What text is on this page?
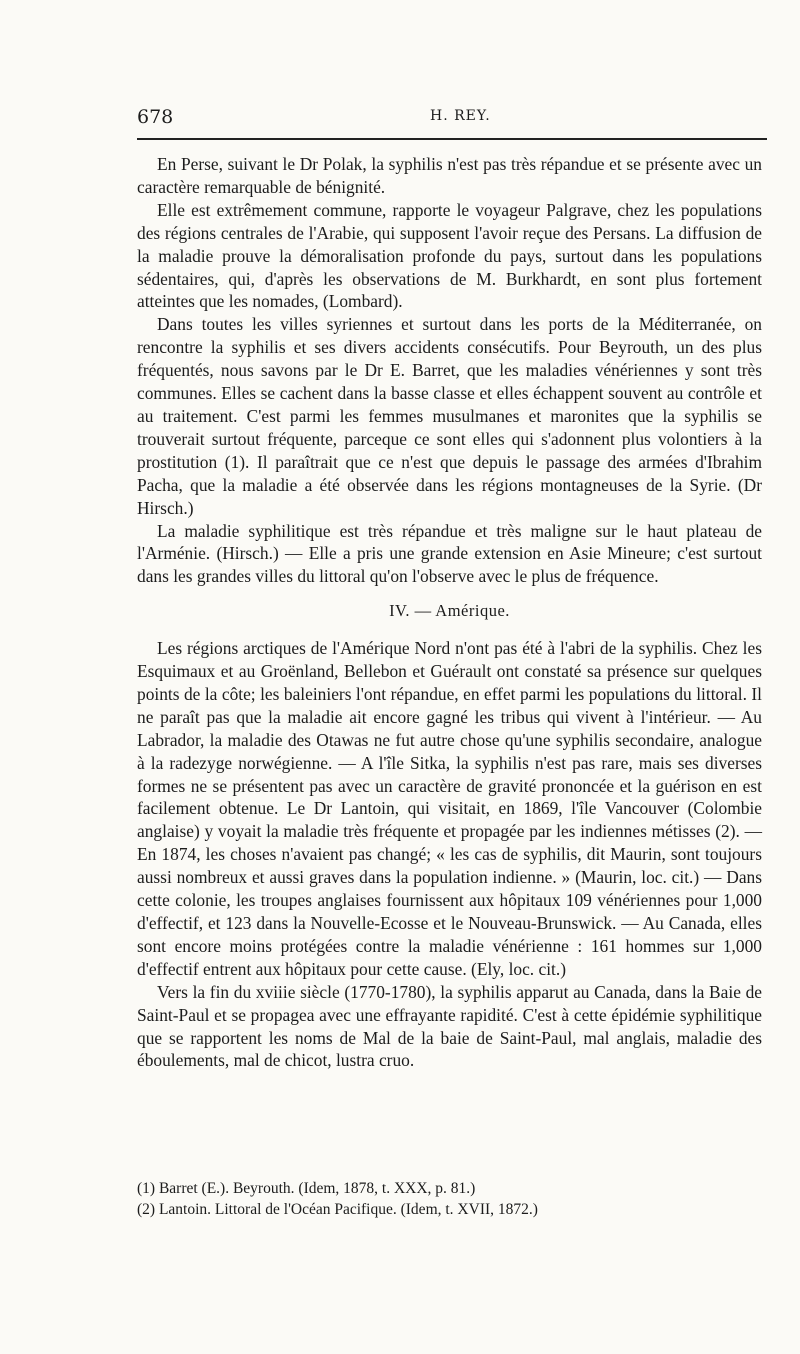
678	H. REY.

En Perse, suivant le Dr Polak, la syphilis n'est pas très répandue et se présente avec un caractère remarquable de bénignité.

Elle est extrêmement commune, rapporte le voyageur Palgrave, chez les populations des régions centrales de l'Arabie, qui supposent l'avoir reçue des Persans. La diffusion de la maladie prouve la démoralisation profonde du pays, surtout dans les populations sédentaires, qui, d'après les observations de M. Burkhardt, en sont plus fortement atteintes que les nomades, (Lombard).

Dans toutes les villes syriennes et surtout dans les ports de la Méditerranée, on rencontre la syphilis et ses divers accidents consécutifs. Pour Beyrouth, un des plus fréquentés, nous savons par le Dr E. Barret, que les maladies vénériennes y sont très communes. Elles se cachent dans la basse classe et elles échappent souvent au contrôle et au traitement. C'est parmi les femmes musulmanes et maronites que la syphilis se trouverait surtout fréquente, parceque ce sont elles qui s'adonnent plus volontiers à la prostitution (1). Il paraîtrait que ce n'est que depuis le passage des armées d'Ibrahim Pacha, que la maladie a été observée dans les régions montagneuses de la Syrie. (Dr Hirsch.)

La maladie syphilitique est très répandue et très maligne sur le haut plateau de l'Arménie. (Hirsch.) — Elle a pris une grande extension en Asie Mineure; c'est surtout dans les grandes villes du littoral qu'on l'observe avec le plus de fréquence.

IV. — Amérique.

Les régions arctiques de l'Amérique Nord n'ont pas été à l'abri de la syphilis. Chez les Esquimaux et au Groënland, Bellebon et Guérault ont constaté sa présence sur quelques points de la côte; les baleiniers l'ont répandue, en effet parmi les populations du littoral. Il ne paraît pas que la maladie ait encore gagné les tribus qui vivent à l'intérieur. — Au Labrador, la maladie des Otawas ne fut autre chose qu'une syphilis secondaire, analogue à la radezyge norwégienne. — A l'île Sitka, la syphilis n'est pas rare, mais ses diverses formes ne se présentent pas avec un caractère de gravité prononcée et la guérison en est facilement obtenue. Le Dr Lantoin, qui visitait, en 1869, l'île Vancouver (Colombie anglaise) y voyait la maladie très fréquente et propagée par les indiennes métisses (2). — En 1874, les choses n'avaient pas changé; « les cas de syphilis, dit Maurin, sont toujours aussi nombreux et aussi graves dans la population indienne. » (Maurin, loc. cit.) — Dans cette colonie, les troupes anglaises fournissent aux hôpitaux 109 vénériennes pour 1,000 d'effectif, et 123 dans la Nouvelle-Ecosse et le Nouveau-Brunswick. — Au Canada, elles sont encore moins protégées contre la maladie vénérienne : 161 hommes sur 1,000 d'effectif entrent aux hôpitaux pour cette cause. (Ely, loc. cit.)

Vers la fin du xviiie siècle (1770-1780), la syphilis apparut au Canada, dans la Baie de Saint-Paul et se propagea avec une effrayante rapidité. C'est à cette épidémie syphilitique que se rapportent les noms de Mal de la baie de Saint-Paul, mal anglais, maladie des éboulements, mal de chicot, lustra cruo.

(1) Barret (E.). Beyrouth. (Idem, 1878, t. XXX, p. 81.)

(2) Lantoin. Littoral de l'Océan Pacifique. (Idem, t. XVII, 1872.)
